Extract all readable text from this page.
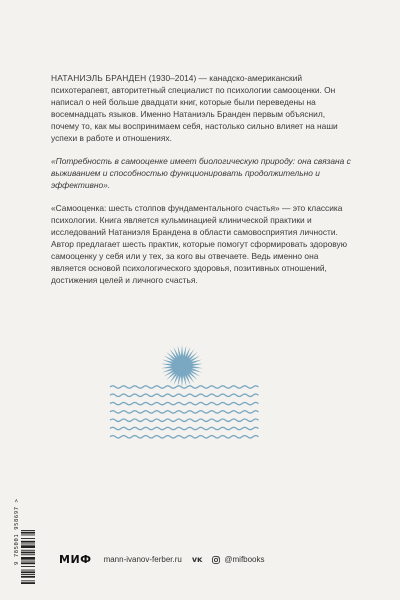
НАТАНИЭЛЬ БРАНДЕН (1930–2014) — канадско-американский психотерапевт, авторитетный специалист по психологии самооценки. Он написал о ней больше двадцати книг, которые были переведены на восемнадцать языков. Именно Натаниэль Бранден первым объяснил, почему то, как мы воспринимаем себя, настолько сильно влияет на наши успехи в работе и отношениях.

«Потребность в самооценке имеет биологическую природу: она связана с выживанием и способностью функционировать продолжительно и эффективно».

«Самооценка: шесть столпов фундаментального счастья» — это классика психологии. Книга является кульминацией клинической практики и исследований Натаниэля Брандена в области самовосприятия личности. Автор предлагает шесть практик, которые помогут сформировать здоровую самооценку у себя или у тех, за кого вы отвечаете. Ведь именно она является основой психологического здоровья, позитивных отношений, достижения целей и личного счастья.

9 785001 958697 >	МИФ mann-ivanov-ferber.ru ᴠᴋ	@mifbooks
